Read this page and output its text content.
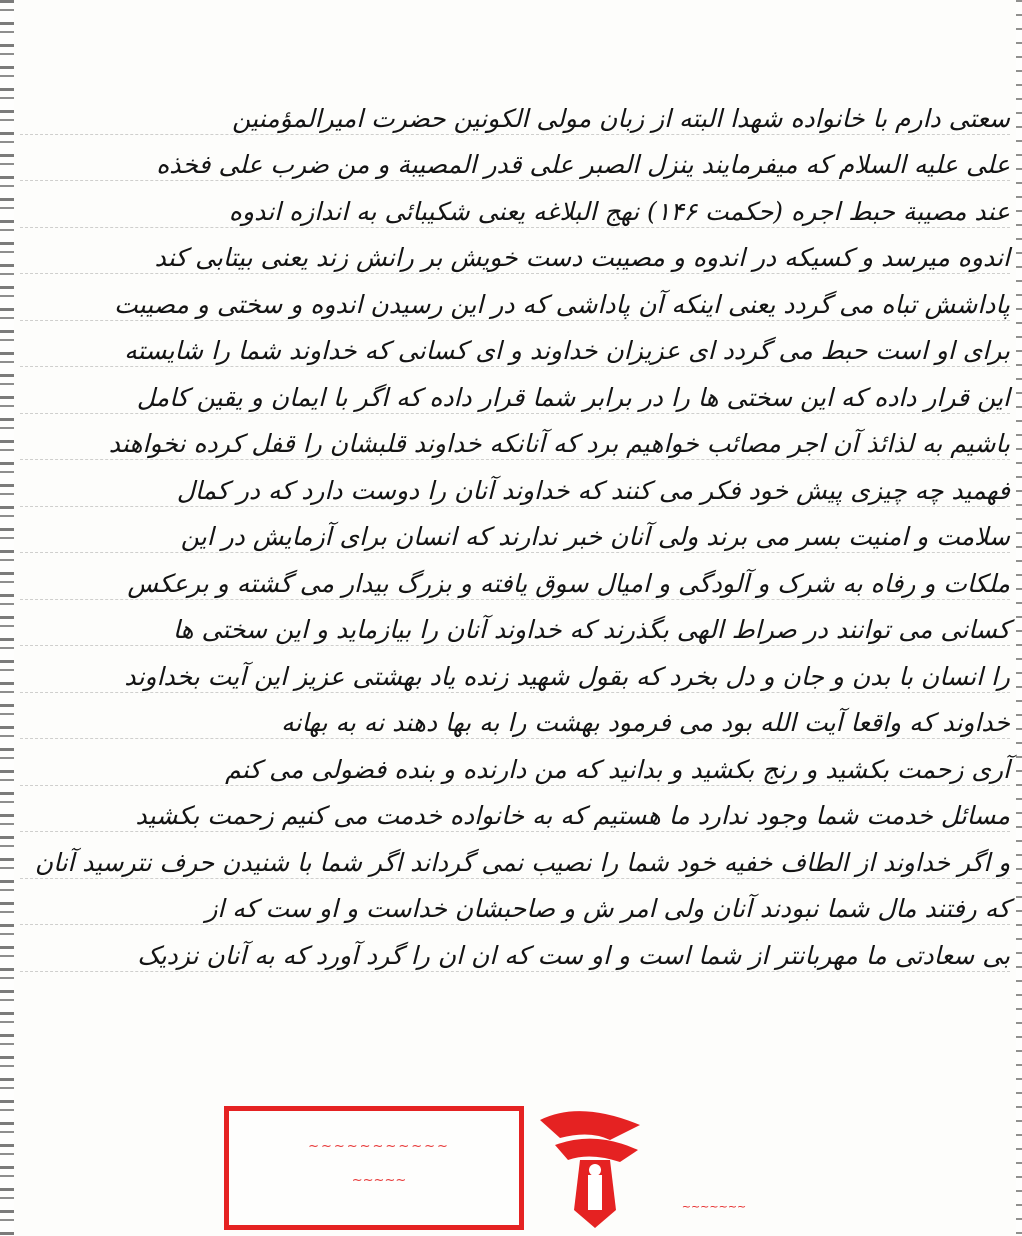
سعتی دارم با خانواده شهدا البته از زبان مولی الکونین حضرت امیرالمؤمنین
علی علیه السلام که میفرمایند ینزل الصبر علی قدر المصیبة و من ضرب علی فخذه
عند مصیبة حبط اجره (حکمت ۱۴۶) نهج البلاغه یعنی شکیبائی به اندازه اندوه
اندوه میرسد و کسیکه در اندوه و مصیبت دست خویش بر رانش زند یعنی بیتابی کند
پاداشش تباه می گردد یعنی اینکه آن پاداشی که در این رسیدن اندوه و سختی و مصیبت
برای او است حبط می گردد ای عزیزان خداوند و ای کسانی که خداوند شما را شایسته
این قرار داده که این سختی ها را در برابر شما قرار داده که اگر با ایمان و یقین کامل
باشیم به لذائذ آن اجر مصائب خواهیم برد که آنانکه خداوند قلبشان را قفل کرده نخواهند
فهمید چه چیزی پیش خود فکر می کنند که خداوند آنان را دوست دارد که در کمال
سلامت و امنیت بسر می برند ولی آنان خبر ندارند که انسان برای آزمایش در این
ملکات و رفاه به شرک و آلودگی و امیال سوق یافته و بزرگ بیدار می گشته و برعکس
کسانی می توانند در صراط الهی بگذرند که خداوند آنان را بیازماید و این سختی ها
را انسان با بدن و جان و دل بخرد که بقول شهید زنده یاد بهشتی عزیز این آیت بخداوند
خداوند که واقعا آیت الله بود می فرمود بهشت را به بها دهند نه به بهانه
آری زحمت بکشید و رنج بکشید و بدانید که من دارنده و بنده فضولی می کنم
مسائل خدمت شما وجود ندارد ما هستیم که به خانواده خدمت می کنیم زحمت بکشید
و اگر خداوند از الطاف خفیه خود شما را نصیب نمی گرداند اگر شما با شنیدن حرف نترسید آنان
که رفتند مال شما نبودند آنان ولی امر ش و صاحبشان خداست و او ست که از
بی سعادتی ما مهربانتر از شما است و او ست که ان ان را گرد آورد که به آنان نزدیک
~~~~~~~~~~~
~~~~~
~~~~~~~
